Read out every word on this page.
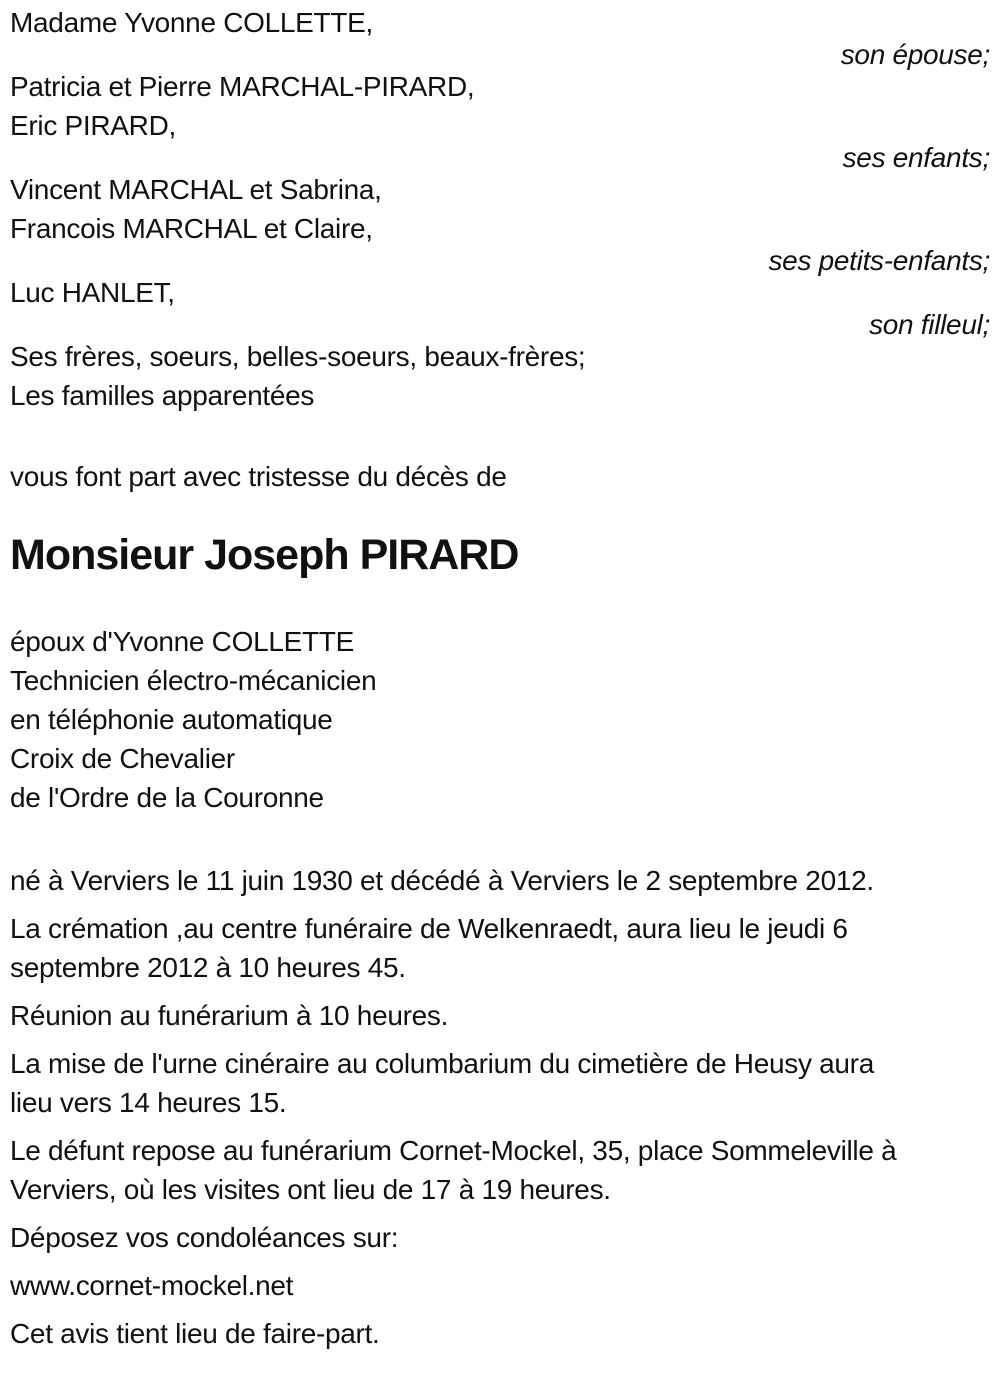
Madame Yvonne COLLETTE,
son épouse;
Patricia et Pierre MARCHAL-PIRARD,
Eric PIRARD,
ses enfants;
Vincent MARCHAL et Sabrina,
Francois MARCHAL et Claire,
ses petits-enfants;
Luc HANLET,
son filleul;
Ses frères, soeurs, belles-soeurs, beaux-frères;
Les familles apparentées

vous font part avec tristesse du décès de

Monsieur Joseph PIRARD
époux d'Yvonne COLLETTE
Technicien électro-mécanicien
en téléphonie automatique
Croix de Chevalier
de l'Ordre de la Couronne
né à Verviers le 11 juin 1930 et décédé à Verviers le 2 septembre 2012.
La crémation ,au centre funéraire de Welkenraedt, aura lieu le jeudi 6
septembre 2012 à 10 heures 45.
Réunion au funérarium à 10 heures.
La mise de l'urne cinéraire au columbarium du cimetière de Heusy aura
lieu vers 14 heures 15.
Le défunt repose au funérarium Cornet-Mockel, 35, place Sommeleville à
Verviers, où les visites ont lieu de 17 à 19 heures.
Déposez vos condoléances sur:
www.cornet-mockel.net
Cet avis tient lieu de faire-part.
